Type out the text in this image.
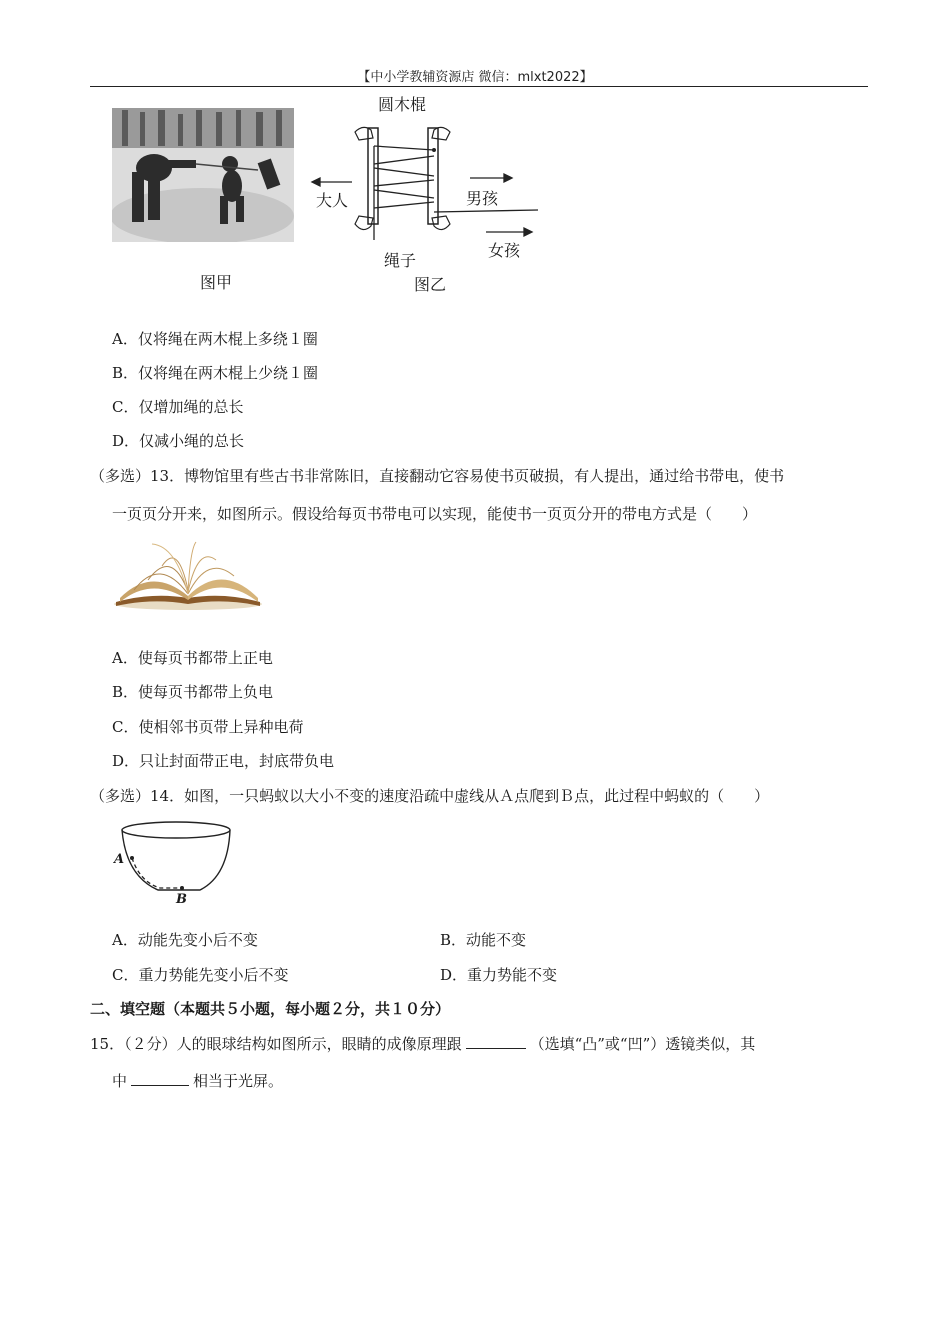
【中小学教辅资源店 微信：mlxt2022】
图甲
圆木棍
大人	男孩
女孩
绳子
图乙
A．仅将绳在两木棍上多绕１圈
B．仅将绳在两木棍上少绕１圈
C．仅增加绳的总长
D．仅减小绳的总长
（多选）13．博物馆里有些古书非常陈旧，直接翻动它容易使书页破损，有人提出，通过给书带电，使书
一页页分开来，如图所示。假设给每页书带电可以实现，能使书一页页分开的带电方式是（　　）
A．使每页书都带上正电
B．使每页书都带上负电
C．使相邻书页带上异种电荷
D．只让封面带正电，封底带负电
（多选）14．如图，一只蚂蚁以大小不变的速度沿疏中虚线从Ａ点爬到Ｂ点，此过程中蚂蚁的（　　）
A
B
A．动能先变小后不变	B．动能不变
C．重力势能先变小后不变	D．重力势能不变
二、填空题（本题共５小题，每小题２分，共１０分）
15．（２分）人的眼球结构如图所示，眼睛的成像原理跟	（选填“凸”或“凹”）透镜类似，其
中	相当于光屏。
